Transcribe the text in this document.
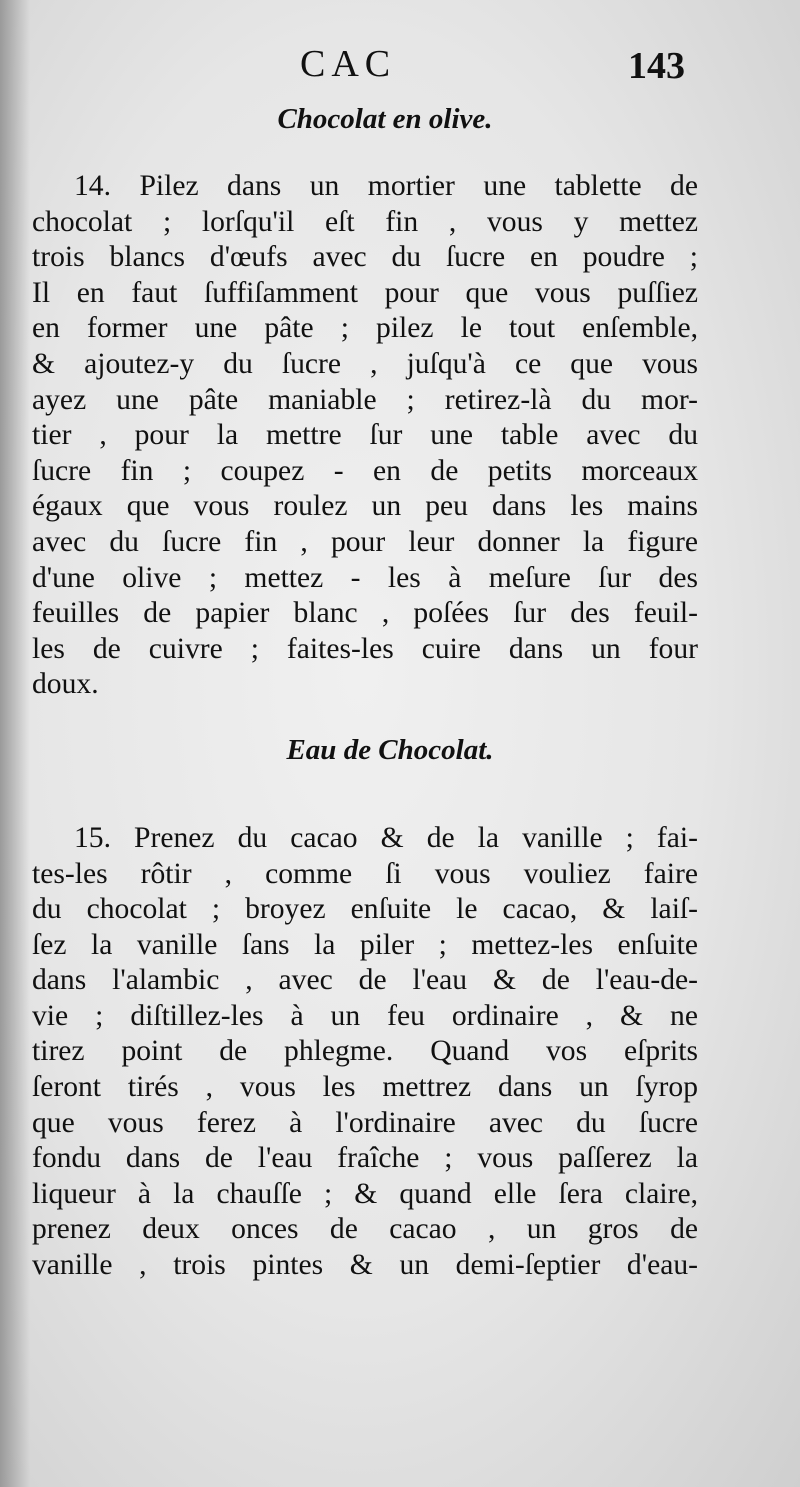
CAC	143
Chocolat en olive.
14. Pilez dans un mortier une tablette de
chocolat ; lorſqu'il eſt fin , vous y mettez
trois blancs d'œufs avec du ſucre en poudre ;
Il en faut ſuffiſamment pour que vous puſſiez
en former une pâte ; pilez le tout enſemble,
& ajoutez-y du ſucre , juſqu'à ce que vous
ayez une pâte maniable ; retirez-là du mor-
tier , pour la mettre ſur une table avec du
ſucre fin ; coupez - en de petits morceaux
égaux que vous roulez un peu dans les mains
avec du ſucre fin , pour leur donner la figure
d'une olive ; mettez - les à meſure ſur des
feuilles de papier blanc , poſées ſur des feuil-
les de cuivre ; faites-les cuire dans un four
doux.
Eau de Chocolat.
15. Prenez du cacao & de la vanille ; fai-
tes-les rôtir , comme ſi vous vouliez faire
du chocolat ; broyez enſuite le cacao, & laiſ-
ſez la vanille ſans la piler ; mettez-les enſuite
dans l'alambic , avec de l'eau & de l'eau-de-
vie ; diſtillez-les à un feu ordinaire , & ne
tirez point de phlegme. Quand vos eſprits
ſeront tirés , vous les mettrez dans un ſyrop
que vous ferez à l'ordinaire avec du ſucre
fondu dans de l'eau fraîche ; vous paſſerez la
liqueur à la chauſſe ; & quand elle ſera claire,
prenez deux onces de cacao , un gros de
vanille , trois pintes & un demi-ſeptier d'eau-
